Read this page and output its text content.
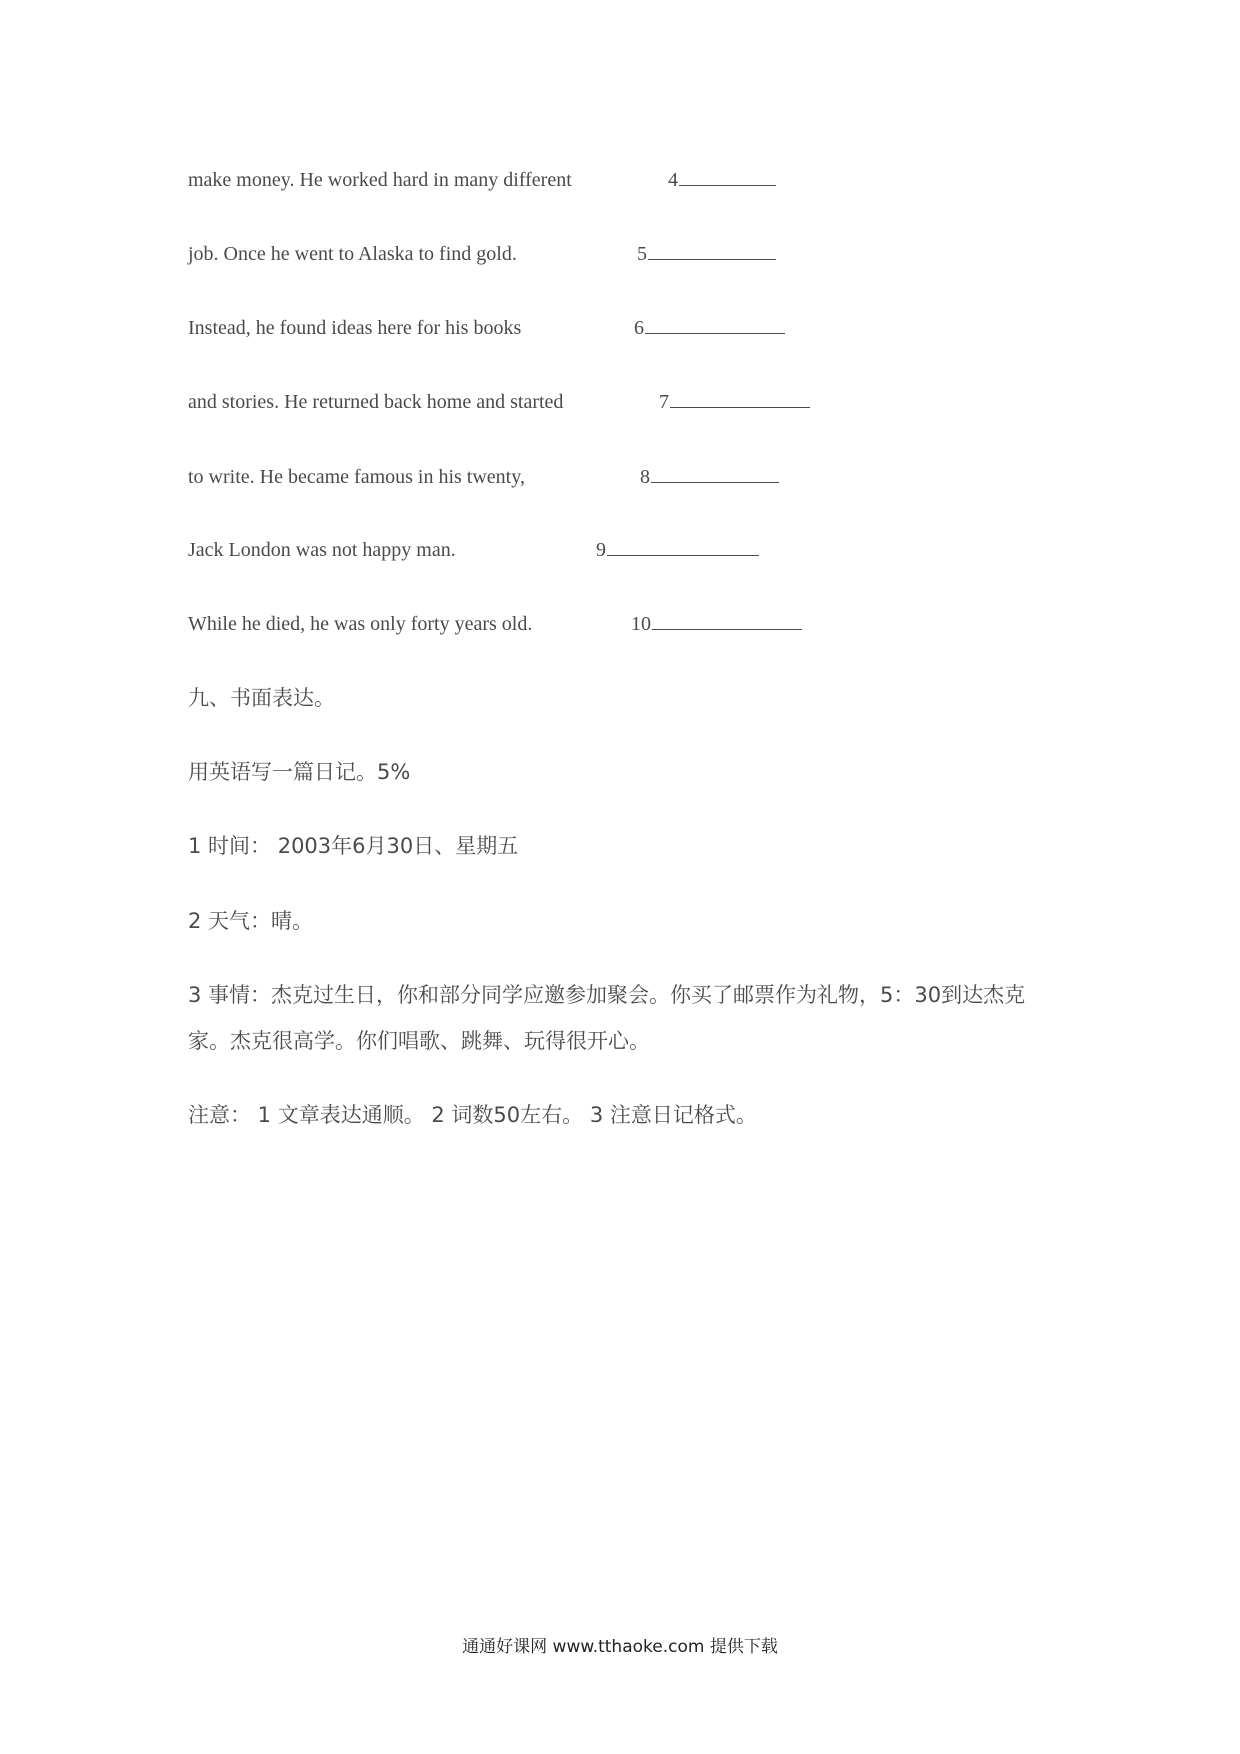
make money. He worked hard in many different	4
job. Once he went to Alaska to find gold.	5
Instead, he found ideas here for his books	6
and stories. He returned back home and started	7
to write. He became famous in his twenty,	8
Jack London was not happy man.	9
While he died, he was only forty years old.	10
九、书面表达。
用英语写一篇日记。5%
1 时间： 2003年6月30日、星期五
2 天气：晴。
3 事情：杰克过生日，你和部分同学应邀参加聚会。你买了邮票作为礼物，5：30到达杰克
家。杰克很高学。你们唱歌、跳舞、玩得很开心。
注意： 1 文章表达通顺。 2 词数50左右。 3 注意日记格式。
通通好课网 www.tthaoke.com 提供下载
